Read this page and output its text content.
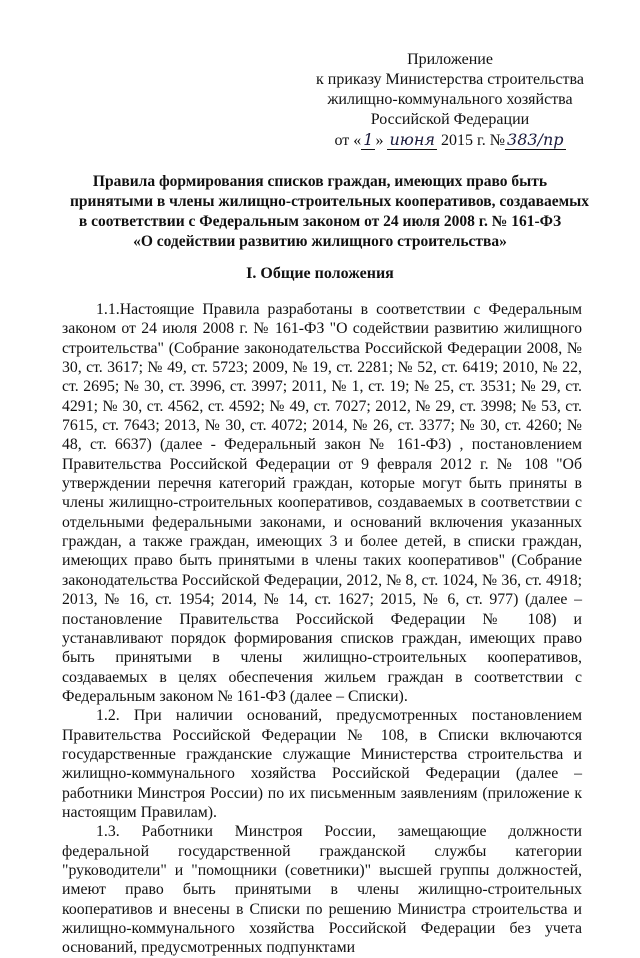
Приложение
к приказу Министерства строительства
жилищно-коммунального хозяйства
Российской Федерации
от « 1 » июня 2015 г. № 383/пр
Правила формирования списков граждан, имеющих право быть
принятыми в члены жилищно-строительных кооперативов, создаваемых
в соответствии с Федеральным законом от 24 июля 2008 г. № 161-ФЗ
«О содействии развитию жилищного строительства»
I. Общие положения

1.1.Настоящие Правила разработаны в соответствии с Федеральным законом от 24 июля 2008 г. № 161-ФЗ "О содействии развитию жилищного строительства" (Собрание законодательства Российской Федерации 2008, № 30, ст. 3617; № 49, ст. 5723; 2009, № 19, ст. 2281; № 52, ст. 6419; 2010, № 22, ст. 2695; № 30, ст. 3996, ст. 3997; 2011, № 1, ст. 19; № 25, ст. 3531; № 29, ст. 4291; № 30, ст. 4562, ст. 4592; № 49, ст. 7027; 2012, № 29, ст. 3998; № 53, ст. 7615, ст. 7643; 2013, № 30, ст. 4072; 2014, № 26, ст. 3377; № 30, ст. 4260; № 48, ст. 6637) (далее - Федеральный закон № 161-ФЗ) , постановлением Правительства Российской Федерации от 9 февраля 2012 г. № 108 "Об утверждении перечня категорий граждан, которые могут быть приняты в члены жилищно-строительных кооперативов, создаваемых в соответствии с отдельными федеральными законами, и оснований включения указанных граждан, а также граждан, имеющих 3 и более детей, в списки граждан, имеющих право быть принятыми в члены таких кооперативов" (Собрание законодательства Российской Федерации, 2012, № 8, ст. 1024, № 36, ст. 4918; 2013, № 16, ст. 1954; 2014, № 14, ст. 1627; 2015, № 6, ст. 977) (далее – постановление Правительства Российской Федерации № 108) и устанавливают порядок формирования списков граждан, имеющих право быть принятыми в члены жилищно-строительных кооперативов, создаваемых в целях обеспечения жильем граждан в соответствии с Федеральным законом № 161-ФЗ (далее – Списки).

1.2. При наличии оснований, предусмотренных постановлением Правительства Российской Федерации № 108, в Списки включаются государственные гражданские служащие Министерства строительства и жилищно-коммунального хозяйства Российской Федерации (далее – работники Минстроя России) по их письменным заявлениям (приложение к настоящим Правилам).

1.3. Работники Минстроя России, замещающие должности федеральной государственной гражданской службы категории "руководители" и "помощники (советники)" высшей группы должностей, имеют право быть принятыми в члены жилищно-строительных кооперативов и внесены в Списки по решению Министра строительства и жилищно-коммунального хозяйства Российской Федерации без учета оснований, предусмотренных подпунктами
